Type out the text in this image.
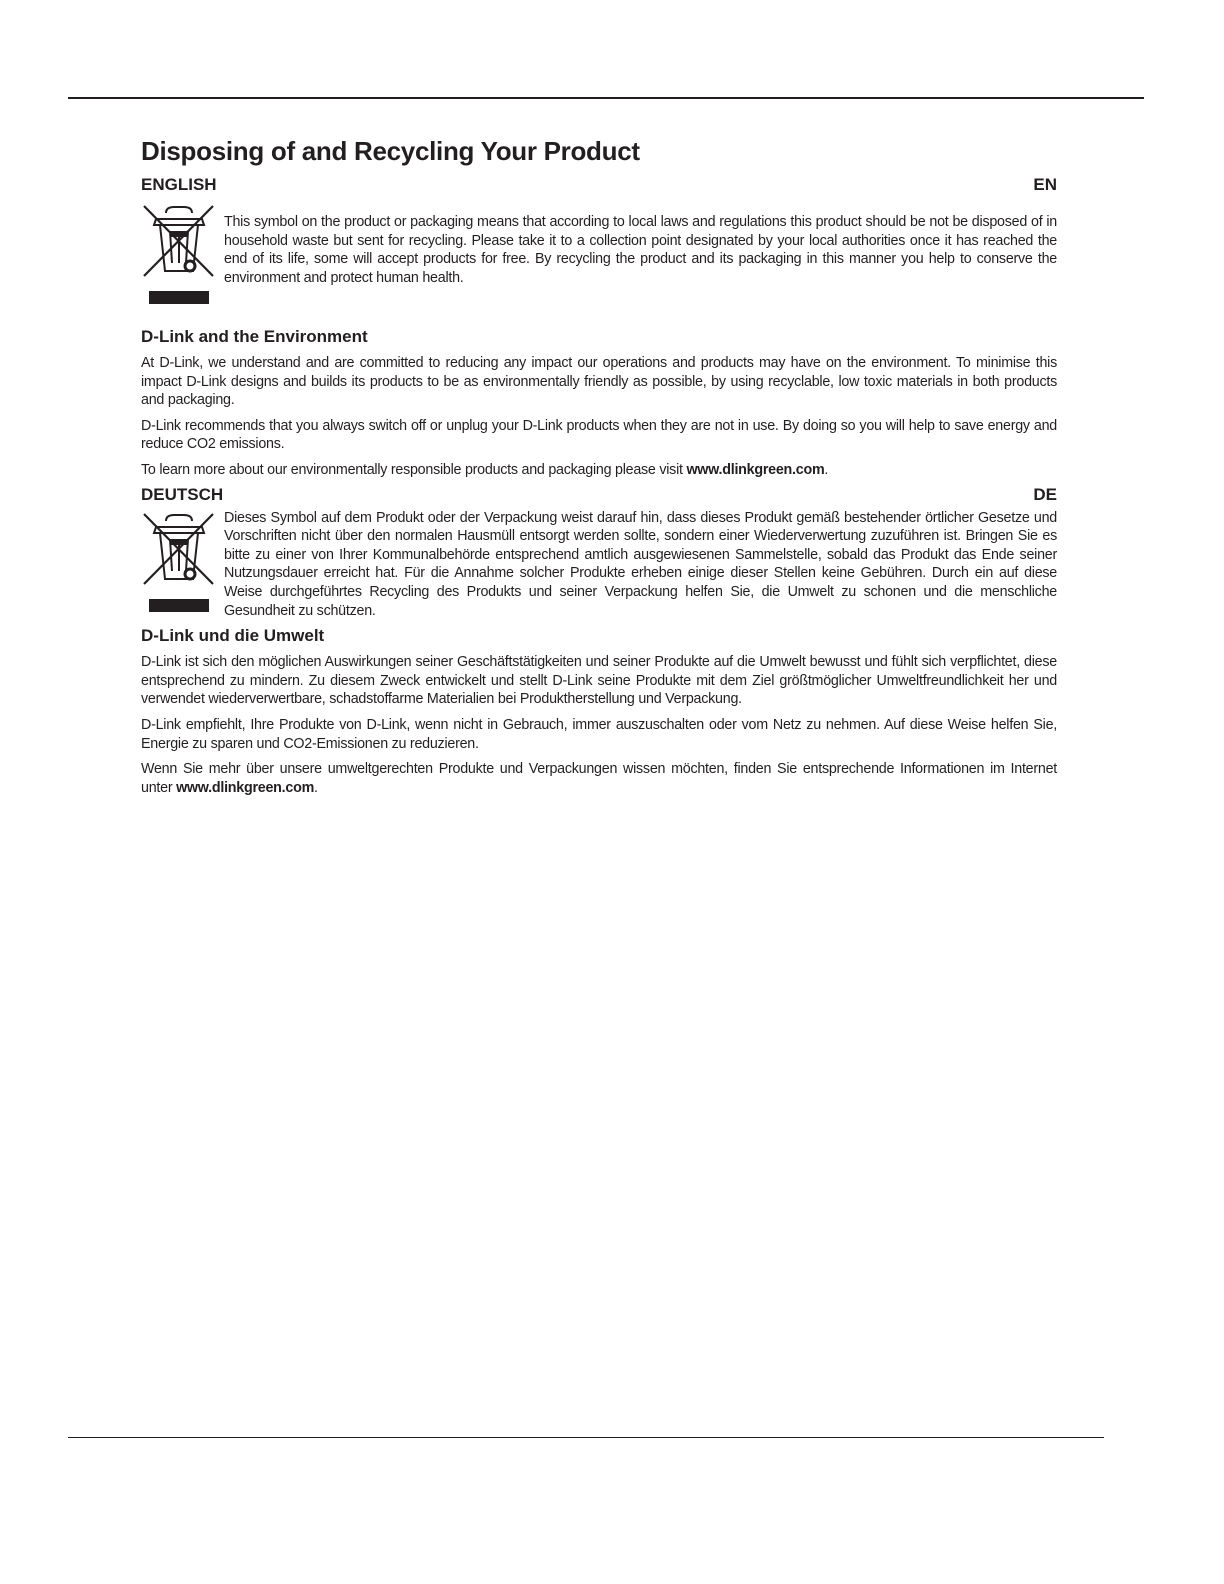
Disposing of and Recycling Your Product
ENGLISH	EN
This symbol on the product or packaging means that according to local laws and regulations this product should be not be disposed of in household waste but sent for recycling. Please take it to a collection point designated by your local authorities once it has reached the end of its life, some will accept products for free. By recycling the product and its packaging in this manner you help to conserve the environment and protect human health.
D-Link and the Environment

At D-Link, we understand and are committed to reducing any impact our operations and products may have on the environment. To minimise this impact D-Link designs and builds its products to be as environmentally friendly as possible, by using recyclable, low toxic materials in both products and packaging.

D-Link recommends that you always switch off or unplug your D-Link products when they are not in use. By doing so you will help to save energy and reduce CO2 emissions.

To learn more about our environmentally responsible products and packaging please visit www.dlinkgreen.com.

DEUTSCH	DE
Dieses Symbol auf dem Produkt oder der Verpackung weist darauf hin, dass dieses Produkt gemäß bestehender örtlicher Gesetze und Vorschriften nicht über den normalen Hausmüll entsorgt werden sollte, sondern einer Wiederverwertung zuzuführen ist. Bringen Sie es bitte zu einer von Ihrer Kommunalbehörde entsprechend amtlich ausgewiesenen Sammelstelle, sobald das Produkt das Ende seiner Nutzungsdauer erreicht hat. Für die Annahme solcher Produkte erheben einige dieser Stellen keine Gebühren. Durch ein auf diese Weise durchgeführtes Recycling des Produkts und seiner Verpackung helfen Sie, die Umwelt zu schonen und die menschliche Gesundheit zu schützen.
D-Link und die Umwelt

D-Link ist sich den möglichen Auswirkungen seiner Geschäftstätigkeiten und seiner Produkte auf die Umwelt bewusst und fühlt sich verpflichtet, diese entsprechend zu mindern. Zu diesem Zweck entwickelt und stellt D-Link seine Produkte mit dem Ziel größtmöglicher Umweltfreundlichkeit her und verwendet wiederverwertbare, schadstoffarme Materialien bei Produktherstellung und Verpackung.

D-Link empfiehlt, Ihre Produkte von D-Link, wenn nicht in Gebrauch, immer auszuschalten oder vom Netz zu nehmen. Auf diese Weise helfen Sie, Energie zu sparen und CO2-Emissionen zu reduzieren.

Wenn Sie mehr über unsere umweltgerechten Produkte und Verpackungen wissen möchten, finden Sie entsprechende Informationen im Internet unter www.dlinkgreen.com.
